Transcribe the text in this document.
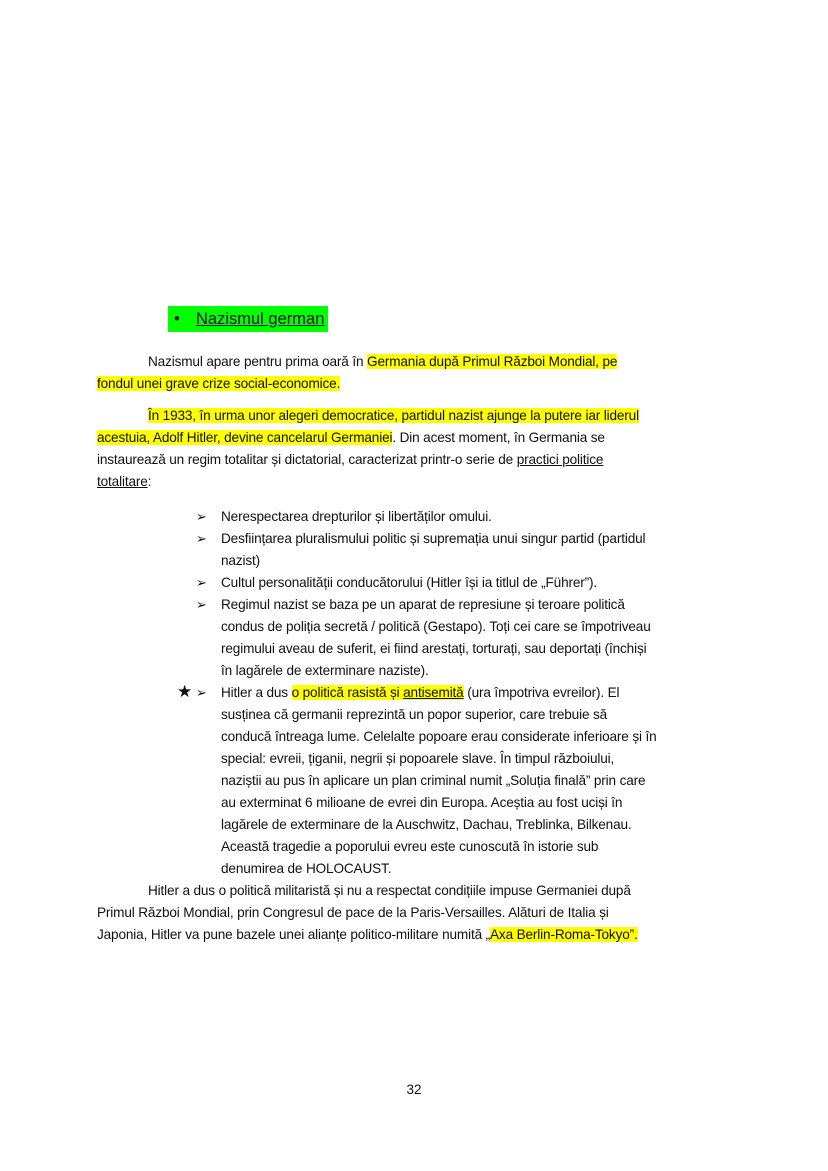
• Nazismul german
Nazismul apare pentru prima oară în Germania după Primul Război Mondial, pe
fondul unei grave crize social-economice.
În 1933, în urma unor alegeri democratice, partidul nazist ajunge la putere iar liderul
acestuia, Adolf Hitler, devine cancelarul Germaniei. Din acest moment, în Germania se
instaurează un regim totalitar și dictatorial, caracterizat printr-o serie de practici politice
totalitare:
➢ Nerespectarea drepturilor și libertăților omului.
➢ Desființarea pluralismului politic și supremația unui singur partid (partidul
nazist)
➢ Cultul personalității conducătorului (Hitler își ia titlul de „Führer”).
➢ Regimul nazist se baza pe un aparat de represiune și teroare politică
condus de poliția secretă / politică (Gestapo). Toți cei care se împotriveau
regimului aveau de suferit, ei fiind arestați, torturați, sau deportați (închiși
în lagărele de exterminare naziste).
➢
★ Hitler a dus o politică rasistă și antisemită (ura împotriva evreilor). El
susținea că germanii reprezintă un popor superior, care trebuie să
conducă întreaga lume. Celelalte popoare erau considerate inferioare și în
special: evreii, țiganii, negrii și popoarele slave. În timpul războiului,
naziștii au pus în aplicare un plan criminal numit „Soluția finală” prin care
au exterminat 6 milioane de evrei din Europa. Aceștia au fost uciși în
lagărele de exterminare de la Auschwitz, Dachau, Treblinka, Bilkenau.
Această tragedie a poporului evreu este cunoscută în istorie sub
denumirea de HOLOCAUST.
Hitler a dus o politică militaristă și nu a respectat condițiile impuse Germaniei după
Primul Război Mondial, prin Congresul de pace de la Paris-Versailles. Alături de Italia și
Japonia, Hitler va pune bazele unei alianțe politico-militare numită „Axa Berlin-Roma-Tokyo”.
32
